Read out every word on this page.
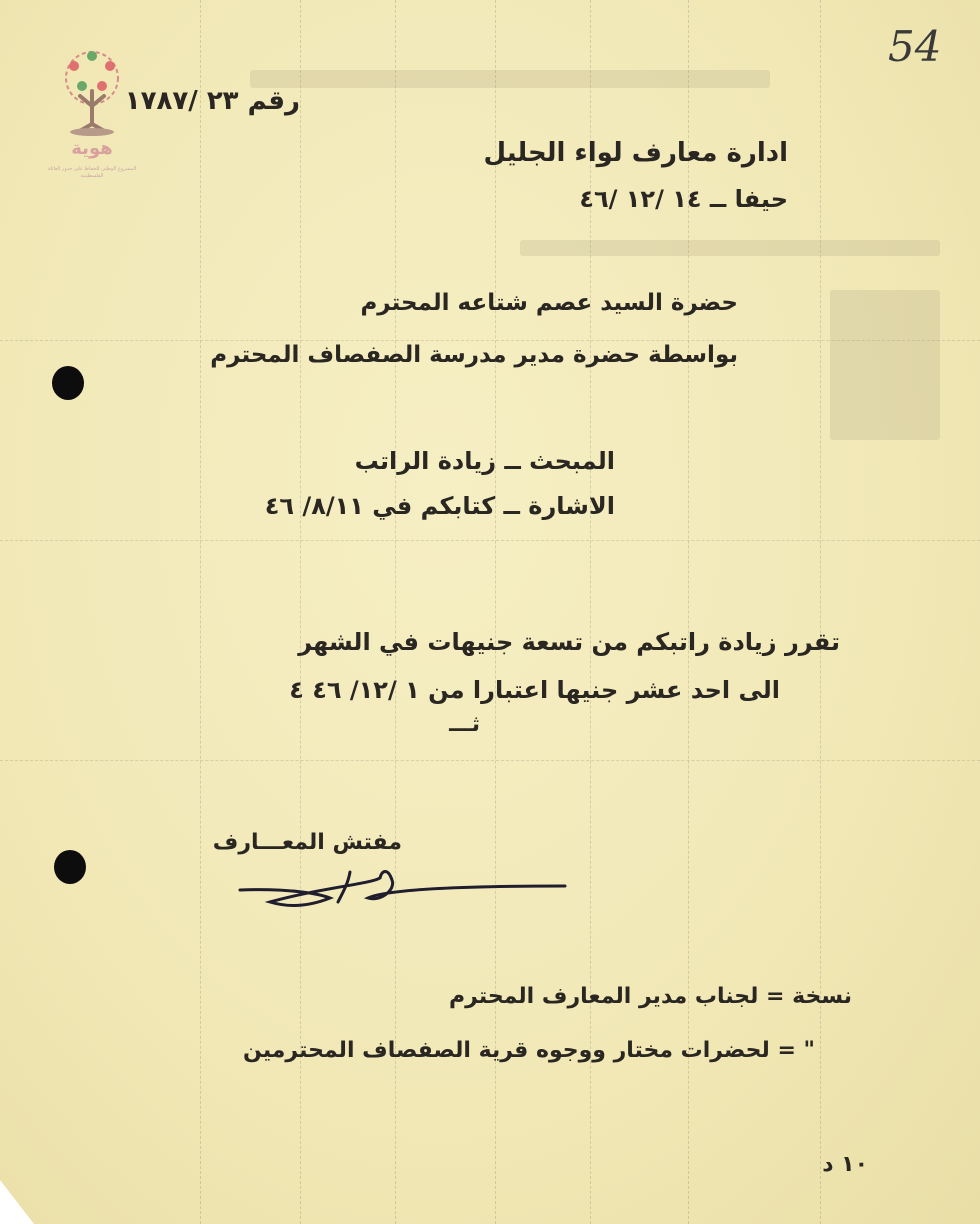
هوية
المشروع الوطني للحفاظ على جذور العائلة الفلسطينية
54
رقم ٢٣ /١٧٨٧
ادارة معارف لواء الجليل
حيفا ــ ١٤ /١٢ /٤٦
حضرة السيد عصم شتاعه المحترم
بواسطة حضرة مدير مدرسة الصفصاف المحترم
المبحث ــ زيادة الراتب
الاشارة ــ كتابكم في ٨/١١/ ٤٦
تقرر زيادة راتبكم من تسعة جنيهات في الشهر
الى احد عشر جنيها اعتبارا من ١ /١٢/ ٤٦ ٤
ثـــ
مفتش المعـــارف
نسخة = لجناب مدير المعارف المحترم
" = لحضرات مختار ووجوه قرية الصفصاف المحترمين
١٠ د
